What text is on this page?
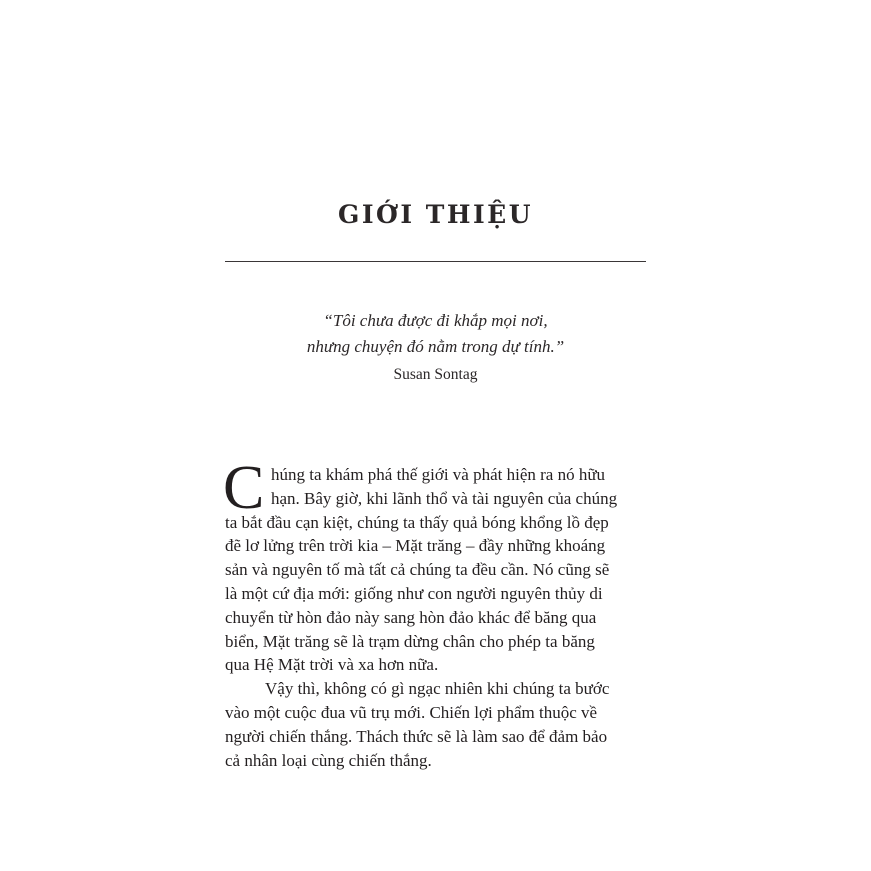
GIỚI THIỆU
“Tôi chưa được đi khắp mọi nơi,
nhưng chuyện đó nằm trong dự tính.”
Susan Sontag
C húng ta khám phá thế giới và phát hiện ra nó hữu
hạn. Bây giờ, khi lãnh thổ và tài nguyên của chúng
ta bắt đầu cạn kiệt, chúng ta thấy quả bóng khổng lồ đẹp
đẽ lơ lửng trên trời kia – Mặt trăng – đầy những khoáng
sản và nguyên tố mà tất cả chúng ta đều cần. Nó cũng sẽ
là một cứ địa mới: giống như con người nguyên thủy di
chuyển từ hòn đảo này sang hòn đảo khác để băng qua
biển, Mặt trăng sẽ là trạm dừng chân cho phép ta băng
qua Hệ Mặt trời và xa hơn nữa.
Vậy thì, không có gì ngạc nhiên khi chúng ta bước
vào một cuộc đua vũ trụ mới. Chiến lợi phẩm thuộc về
người chiến thắng. Thách thức sẽ là làm sao để đảm bảo
cả nhân loại cùng chiến thắng.
